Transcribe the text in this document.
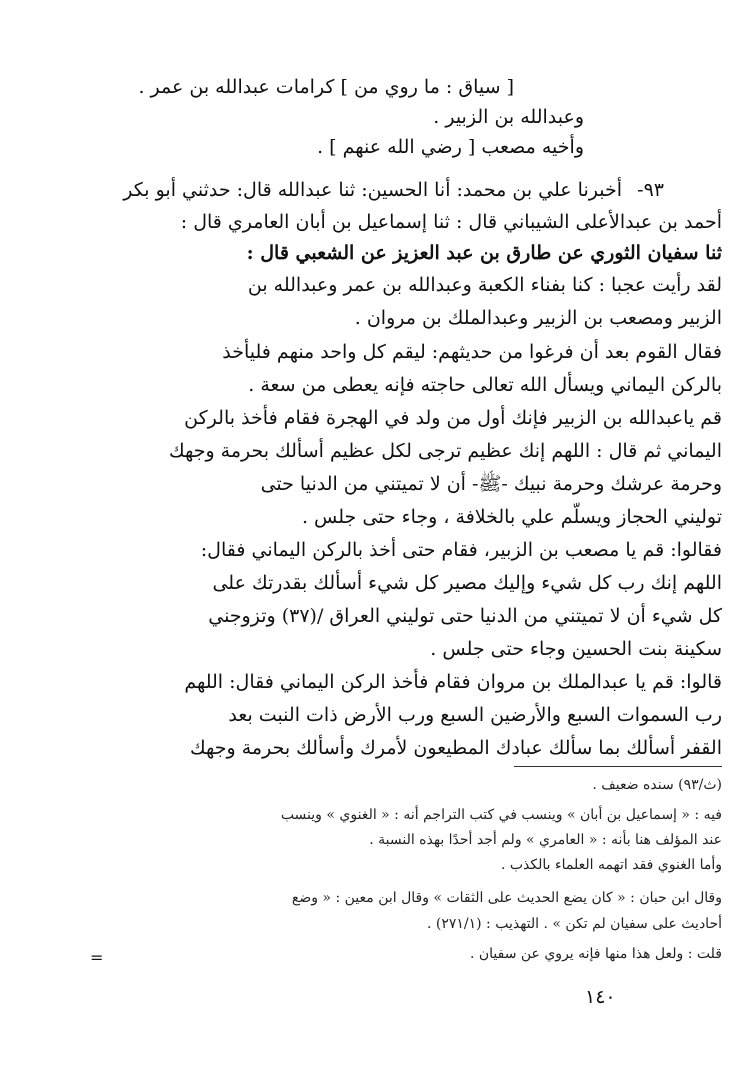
[ سياق : ما روي من ] كرامات عبدالله بن عمر .
وعبدالله بن الزبير .
وأخيه مصعب [ رضي الله عنهم ] .
٩٣-
أخبرنا علي بن محمد: أنا الحسين: ثنا عبدالله قال: حدثني أبو بكر
أحمد بن عبدالأعلى الشيباني قال : ثنا إسماعيل بن أبان العامري قال :
ثنا سفيان الثوري عن طارق بن عبد العزيز عن الشعبي قال :
لقد رأيت عجبا : كنا بفناء الكعبة وعبدالله بن عمر وعبدالله بن
الزبير ومصعب بن الزبير وعبدالملك بن مروان .
فقال القوم بعد أن فرغوا من حديثهم: ليقم كل واحد منهم فليأخذ
بالركن اليماني ويسأل الله تعالى حاجته فإنه يعطى من سعة .
قم ياعبدالله بن الزبير فإنك أول من ولد في الهجرة فقام فأخذ بالركن
اليماني ثم قال : اللهم إنك عظيم ترجى لكل عظيم أسألك بحرمة وجهك
وحرمة عرشك وحرمة نبيك -ﷺ- أن لا تميتني من الدنيا حتى
توليني الحجاز ويسلّم علي بالخلافة ، وجاء حتى جلس .
فقالوا: قم يا مصعب بن الزبير، فقام حتى أخذ بالركن اليماني فقال:
اللهم إنك رب كل شيء وإليك مصير كل شيء أسألك بقدرتك على
كل شيء أن لا تميتني من الدنيا حتى توليني العراق /(٣٧) وتزوجني
سكينة بنت الحسين وجاء حتى جلس .
قالوا: قم يا عبدالملك بن مروان فقام فأخذ الركن اليماني فقال: اللهم
رب السموات السبع والأرضين السبع ورب الأرض ذات النبت بعد
القفر أسألك بما سألك عبادك المطيعون لأمرك وأسألك بحرمة وجهك
(ث/٩٣) سنده ضعيف .
فيه : « إسماعيل بن أبان » وينسب في كتب التراجم أنه : « الغنوي » وينسب
عند المؤلف هنا بأنه : « العامري » ولم أجد أحدًا بهذه النسبة .
وأما الغنوي فقد اتهمه العلماء بالكذب .
وقال ابن حبان : « كان يضع الحديث على الثقات » وقال ابن معين : « وضع
أحاديث على سفيان لم تكن » . التهذيب : (٢٧١/١) .
قلت : ولعل هذا منها فإنه يروي عن سفيان .
=
١٤٠
